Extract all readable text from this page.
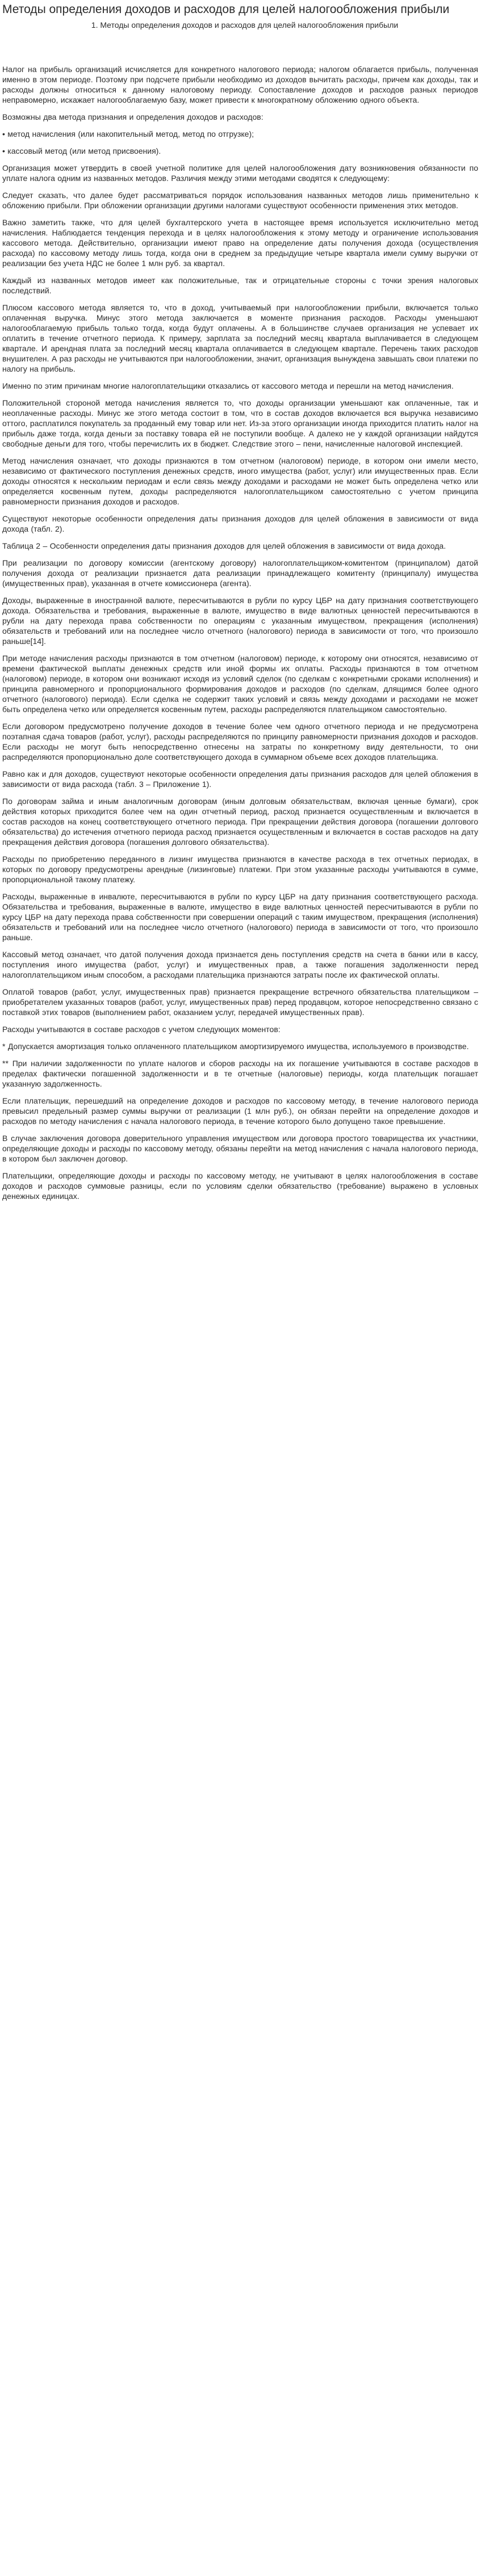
Методы определения доходов и расходов для целей налогообложения прибыли
1. Методы определения доходов и расходов для целей налогообложения прибыли

Налог на прибыль организаций исчисляется для конкретного налогового периода; налогом облагается прибыль, полученная именно в этом периоде. Поэтому при подсчете прибыли необходимо из доходов вычитать расходы, причем как доходы, так и расходы должны относиться к данному налоговому периоду. Сопоставление доходов и расходов разных периодов неправомерно, искажает налогооблагаемую базу, может привести к многократному обложению одного объекта.

Возможны два метода признания и определения доходов и расходов:

• метод начисления (или накопительный метод, метод по отгрузке);

• кассовый метод (или метод присвоения).

Организация может утвердить в своей учетной политике для целей налогообложения дату возникновения обязанности по уплате налога одним из названных методов. Различия между этими методами сводятся к следующему:

Следует сказать, что далее будет рассматриваться порядок использования названных методов лишь применительно к обложению прибыли. При обложении организации другими налогами существуют особенности применения этих методов.

Важно заметить также, что для целей бухгалтерского учета в настоящее время используется исключительно метод начисления. Наблюдается тенденция перехода и в целях налогообложения к этому методу и ограничение использования кассового метода. Действительно, организации имеют право на определение даты получения дохода (осуществления расхода) по кассовому методу лишь тогда, когда они в среднем за предыдущие четыре квартала имели сумму выручки от реализации без учета НДС не более 1 млн руб. за квартал.

Каждый из названных методов имеет как положительные, так и отрицательные стороны с точки зрения налоговых последствий.

Плюсом кассового метода является то, что в доход, учитываемый при налогообложении прибыли, включается только оплаченная выручка. Минус этого метода заключается в моменте признания расходов. Расходы уменьшают налогооблагаемую прибыль только тогда, когда будут оплачены. А в большинстве случаев организация не успевает их оплатить в течение отчетного периода. К примеру, зарплата за последний месяц квартала выплачивается в следующем квартале. И арендная плата за последний месяц квартала оплачивается в следующем квартале. Перечень таких расходов внушителен. А раз расходы не учитываются при налогообложении, значит, организация вынуждена завышать свои платежи по налогу на прибыль.

Именно по этим причинам многие налогоплательщики отказались от кассового метода и перешли на метод начисления.

Положительной стороной метода начисления является то, что доходы организации уменьшают как оплаченные, так и неоплаченные расходы. Минус же этого метода состоит в том, что в состав доходов включается вся выручка независимо оттого, расплатился покупатель за проданный ему товар или нет. Из-за этого организации иногда приходится платить налог на прибыль даже тогда, когда деньги за поставку товара ей не поступили вообще. А далеко не у каждой организации найдутся свободные деньги для того, чтобы перечислить их в бюджет. Следствие этого – пени, начисленные налоговой инспекцией.

Метод начисления означает, что доходы признаются в том отчетном (налоговом) периоде, в котором они имели место, независимо от фактического поступления денежных средств, иного имущества (работ, услуг) или имущественных прав. Если доходы относятся к нескольким периодам и если связь между доходами и расходами не может быть определена четко или определяется косвенным путем, доходы распределяются налогоплательщиком самостоятельно с учетом принципа равномерности признания доходов и расходов.

Существуют некоторые особенности определения даты признания доходов для целей обложения в зависимости от вида дохода (табл. 2).

Таблица 2 – Особенности определения даты признания доходов для целей обложения в зависимости от вида дохода.

При реализации по договору комиссии (агентскому договору) налогоплательщиком-комитентом (принципалом) датой получения дохода от реализации признается дата реализации принадлежащего комитенту (принципалу) имущества (имущественных прав), указанная в отчете комиссионера (агента).

Доходы, выраженные в иностранной валюте, пересчитываются в рубли по курсу ЦБР на дату признания соответствующего дохода. Обязательства и требования, выраженные в валюте, имущество в виде валютных ценностей пересчитываются в рубли на дату перехода права собственности по операциям с указанным имуществом, прекращения (исполнения) обязательств и требований или на последнее число отчетного (налогового) периода в зависимости от того, что произошло раньше[14].

При методе начисления расходы признаются в том отчетном (налоговом) периоде, к которому они относятся, независимо от времени фактической выплаты денежных средств или иной формы их оплаты. Расходы признаются в том отчетном (налоговом) периоде, в котором они возникают исходя из условий сделок (по сделкам с конкретными сроками исполнения) и принципа равномерного и пропорционального формирования доходов и расходов (по сделкам, длящимся более одного отчетного (налогового) периода). Если сделка не содержит таких условий и связь между доходами и расходами не может быть определена четко или определяется косвенным путем, расходы распределяются плательщиком самостоятельно.

Если договором предусмотрено получение доходов в течение более чем одного отчетного периода и не предусмотрена поэтапная сдача товаров (работ, услуг), расходы распределяются по принципу равномерности признания доходов и расходов. Если расходы не могут быть непосредственно отнесены на затраты по конкретному виду деятельности, то они распределяются пропорционально доле соответствующего дохода в суммарном объеме всех доходов плательщика.

Равно как и для доходов, существуют некоторые особенности определения даты признания расходов для целей обложения в зависимости от вида расхода (табл. 3 – Приложение 1).

По договорам займа и иным аналогичным договорам (иным долговым обязательствам, включая ценные бумаги), срок действия которых приходится более чем на один отчетный период, расход признается осуществленным и включается в состав расходов на конец соответствующего отчетного периода. При прекращении действия договора (погашении долгового обязательства) до истечения отчетного периода расход признается осуществленным и включается в состав расходов на дату прекращения действия договора (погашения долгового обязательства).

Расходы по приобретению переданного в лизинг имущества признаются в качестве расхода в тех отчетных периодах, в которых по договору предусмотрены арендные (лизинговые) платежи. При этом указанные расходы учитываются в сумме, пропорциональной такому платежу.

Расходы, выраженные в инвалюте, пересчитываются в рубли по курсу ЦБР на дату признания соответствующего расхода. Обязательства и требования, выраженные в валюте, имущество в виде валютных ценностей пересчитываются в рубли по курсу ЦБР на дату перехода права собственности при совершении операций с таким имуществом, прекращения (исполнения) обязательств и требований или на последнее число отчетного (налогового) периода в зависимости от того, что произошло раньше.

Кассовый метод означает, что датой получения дохода признается день поступления средств на счета в банки или в кассу, поступления иного имущества (работ, услуг) и имущественных прав, а также погашения задолженности перед налогоплательщиком иным способом, а расходами плательщика признаются затраты после их фактической оплаты.

Оплатой товаров (работ, услуг, имущественных прав) признается прекращение встречного обязательства плательщиком – приобретателем указанных товаров (работ, услуг, имущественных прав) перед продавцом, которое непосредственно связано с поставкой этих товаров (выполнением работ, оказанием услуг, передачей имущественных прав).

Расходы учитываются в составе расходов с учетом следующих моментов:

* Допускается амортизация только оплаченного плательщиком амортизируемого имущества, используемого в производстве.

** При наличии задолженности по уплате налогов и сборов расходы на их погашение учитываются в составе расходов в пределах фактически погашенной задолженности и в те отчетные (налоговые) периоды, когда плательщик погашает указанную задолженность.

Если плательщик, перешедший на определение доходов и расходов по кассовому методу, в течение налогового периода превысил предельный размер суммы выручки от реализации (1 млн руб.), он обязан перейти на определение доходов и расходов по методу начисления с начала налогового периода, в течение которого было допущено такое превышение.

В случае заключения договора доверительного управления имуществом или договора простого товарищества их участники, определяющие доходы и расходы по кассовому методу, обязаны перейти на метод начисления с начала налогового периода, в котором был заключен договор.

Плательщики, определяющие доходы и расходы по кассовому методу, не учитывают в целях налогообложения в составе доходов и расходов суммовые разницы, если по условиям сделки обязательство (требование) выражено в условных денежных единицах.
